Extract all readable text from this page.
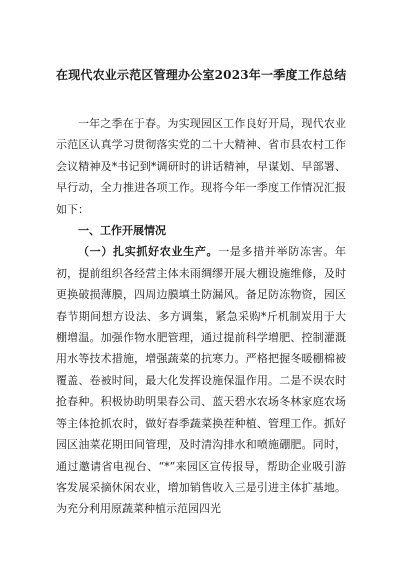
在现代农业示范区管理办公室2023年一季度工作总结

一年之季在于春。为实现园区工作良好开局，现代农业示范区认真学习贯彻落实党的二十大精神、省市县农村工作会议精神及*书记到*调研时的讲话精神，早谋划、早部署、早行动，全力推进各项工作。现将今年一季度工作情况汇报如下：

一、工作开展情况

（一）扎实抓好农业生产。一是多措并举防冻害。年初，提前组织各经营主体未雨绸缪开展大棚设施维修，及时更换破损薄膜，四周边膜填土防漏风。备足防冻物资，园区春节期间想方设法、多方调集，紧急采购*斤机制炭用于大棚增温。加强作物水肥管理，通过提前科学增肥、控制灌溉用水等技术措施，增强蔬菜的抗寒力。严格把握冬暖棚棉被覆盖、卷被时间，最大化发挥设施保温作用。二是不误农时抢春种。积极协助明果春公司、蓝天碧水农场冬林家庭农场等主体抢抓农时，做好春季蔬菜换茬种植、管理工作。抓好园区油菜花期田间管理，及时清沟排水和喷施硼肥。同时，通过邀请省电视台、“*”来园区宣传报导，帮助企业吸引游客发展采摘休闲农业，增加销售收入三是引进主体扩基地。为充分利用原蔬菜种植示范园四光
